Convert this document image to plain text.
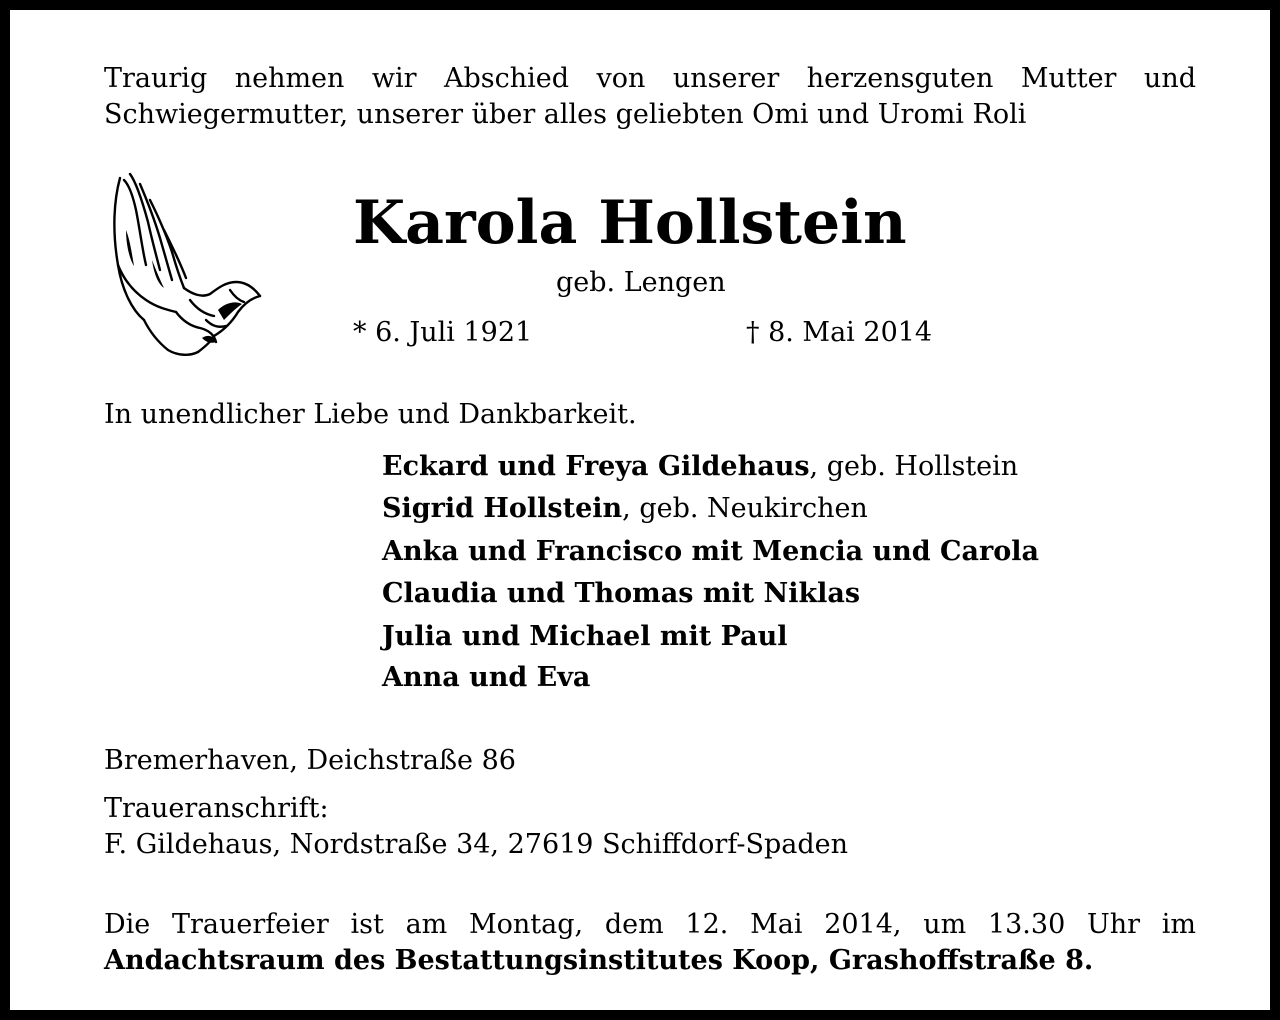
Traurig nehmen wir Abschied von unserer herzensguten Mutter und
Schwiegermutter, unserer über alles geliebten Omi und Uromi Roli
Karola Hollstein
geb. Lengen
* 6. Juli 1921	† 8. Mai 2014
In unendlicher Liebe und Dankbarkeit.
Eckard und Freya Gildehaus, geb. Hollstein
Sigrid Hollstein, geb. Neukirchen
Anka und Francisco mit Mencia und Carola
Claudia und Thomas mit Niklas
Julia und Michael mit Paul
Anna und Eva
Bremerhaven, Deichstraße 86
Traueranschrift:
F. Gildehaus, Nordstraße 34, 27619 Schiffdorf-Spaden
Die Trauerfeier ist am Montag, dem 12. Mai 2014, um 13.30 Uhr im
Andachtsraum des Bestattungsinstitutes Koop, Grashoffstraße 8.
